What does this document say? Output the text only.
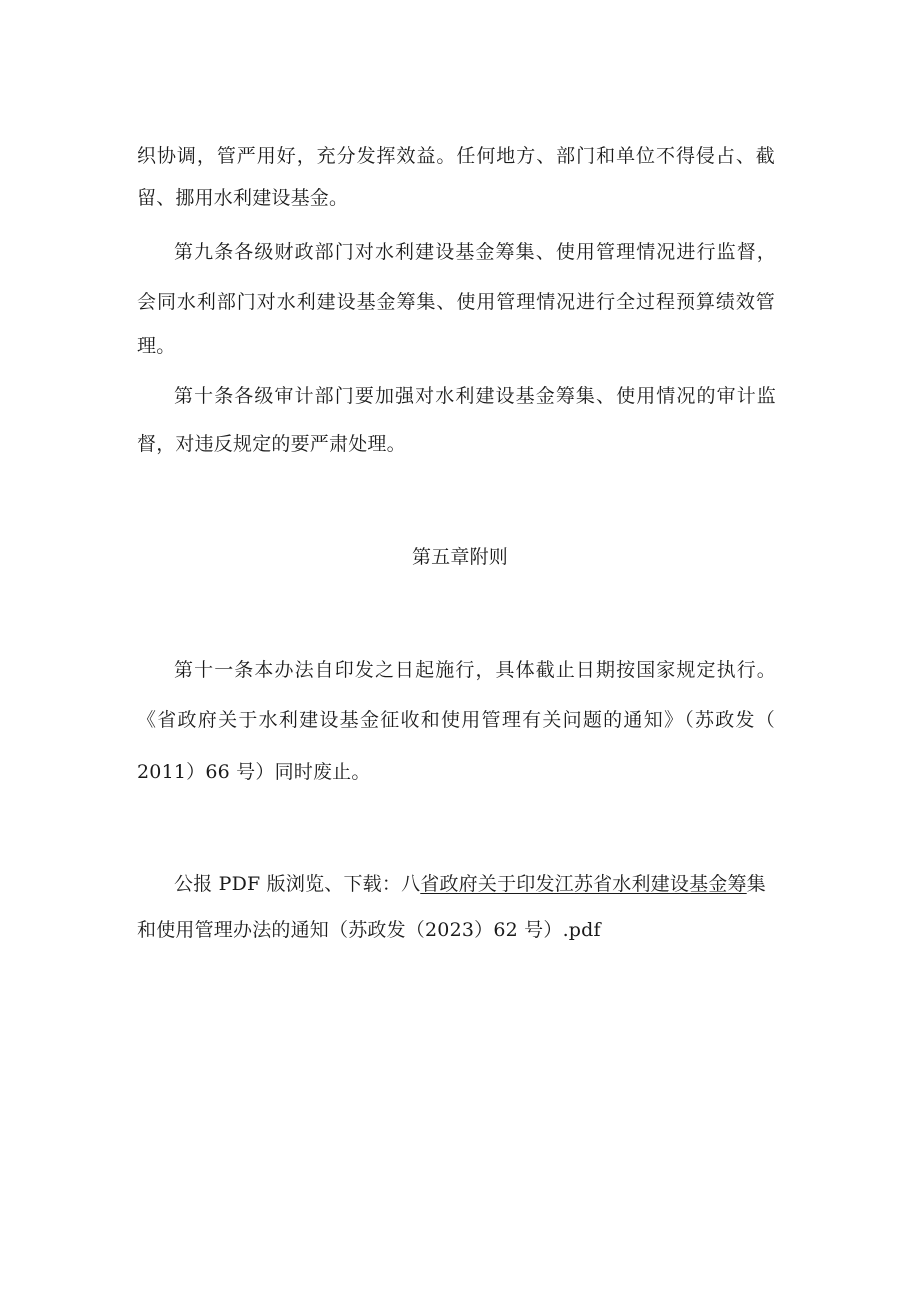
织协调，管严用好，充分发挥效益。任何地方、部门和单位不得侵占、截
留、挪用水利建设基金。
第九条各级财政部门对水利建设基金筹集、使用管理情况进行监督，
会同水利部门对水利建设基金筹集、使用管理情况进行全过程预算绩效管
理。
第十条各级审计部门要加强对水利建设基金筹集、使用情况的审计监
督，对违反规定的要严肃处理。
第五章附则
第十一条本办法自印发之日起施行，具体截止日期按国家规定执行。
《省政府关于水利建设基金征收和使用管理有关问题的通知》（苏政发（
2011）66 号）同时废止。
公报 PDF 版浏览、下载：八省政府关于印发江苏省水利建设基金筹集
和使用管理办法的通知（苏政发（2023）62 号）.pdf
